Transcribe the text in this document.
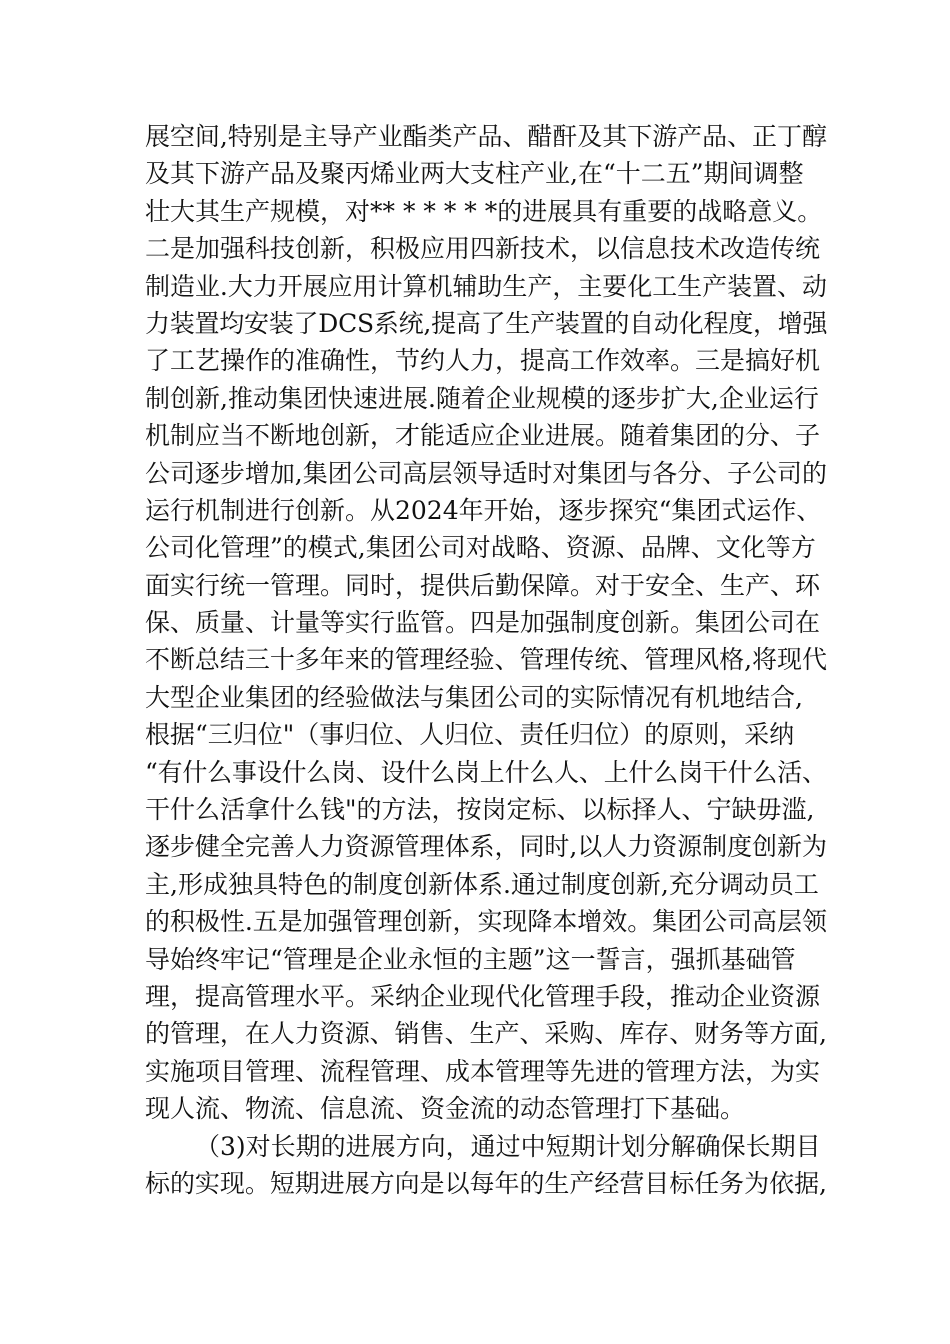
展空间,特别是主导产业酯类产品、醋酐及其下游产品、正丁醇
及其下游产品及聚丙烯业两大支柱产业,在“十二五”期间调整
壮大其生产规模，对** * * * * *的进展具有重要的战略意义。
二是加强科技创新，积极应用四新技术，以信息技术改造传统
制造业.大力开展应用计算机辅助生产，主要化工生产装置、动
力装置均安装了DCS系统,提高了生产装置的自动化程度，增强
了工艺操作的准确性，节约人力，提高工作效率。三是搞好机
制创新,推动集团快速进展.随着企业规模的逐步扩大,企业运行
机制应当不断地创新，才能适应企业进展。随着集团的分、子
公司逐步增加,集团公司高层领导适时对集团与各分、子公司的
运行机制进行创新。从2024年开始，逐步探究“集团式运作、
公司化管理”的模式,集团公司对战略、资源、品牌、文化等方
面实行统一管理。同时，提供后勤保障。对于安全、生产、环
保、质量、计量等实行监管。四是加强制度创新。集团公司在
不断总结三十多年来的管理经验、管理传统、管理风格,将现代
大型企业集团的经验做法与集团公司的实际情况有机地结合,
根据“三归位"（事归位、人归位、责任归位）的原则，采纳
“有什么事设什么岗、设什么岗上什么人、上什么岗干什么活、
干什么活拿什么钱"的方法，按岗定标、以标择人、宁缺毋滥,
逐步健全完善人力资源管理体系，同时,以人力资源制度创新为
主,形成独具特色的制度创新体系.通过制度创新,充分调动员工
的积极性.五是加强管理创新，实现降本增效。集团公司高层领
导始终牢记“管理是企业永恒的主题”这一誓言，强抓基础管
理，提高管理水平。采纳企业现代化管理手段，推动企业资源
的管理，在人力资源、销售、生产、采购、库存、财务等方面,
实施项目管理、流程管理、成本管理等先进的管理方法，为实
现人流、物流、信息流、资金流的动态管理打下基础。
（3)对长期的进展方向，通过中短期计划分解确保长期目
标的实现。短期进展方向是以每年的生产经营目标任务为依据,
